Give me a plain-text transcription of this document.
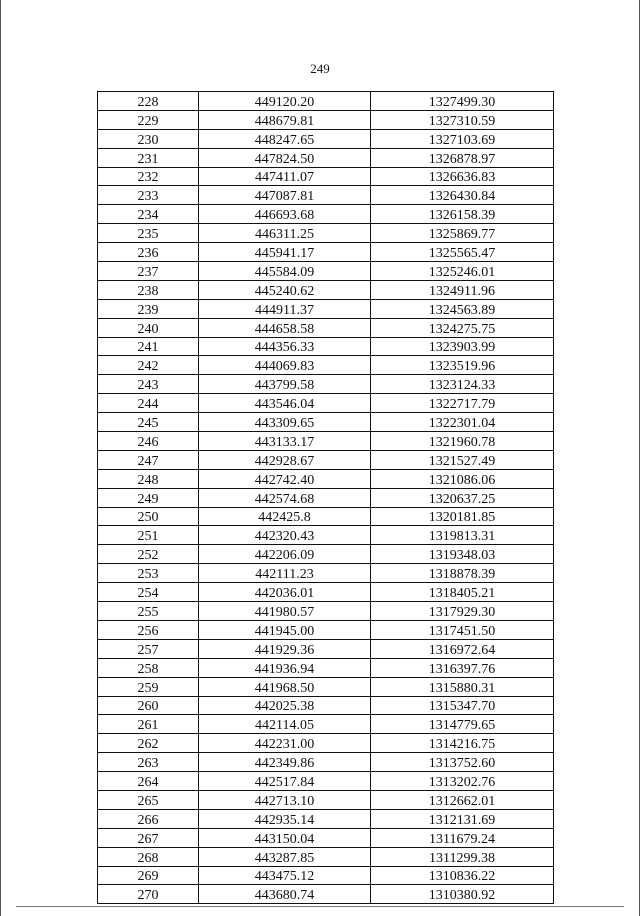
249
228	449120.20	1327499.30
229	448679.81	1327310.59
230	448247.65	1327103.69
231	447824.50	1326878.97
232	447411.07	1326636.83
233	447087.81	1326430.84
234	446693.68	1326158.39
235	446311.25	1325869.77
236	445941.17	1325565.47
237	445584.09	1325246.01
238	445240.62	1324911.96
239	444911.37	1324563.89
240	444658.58	1324275.75
241	444356.33	1323903.99
242	444069.83	1323519.96
243	443799.58	1323124.33
244	443546.04	1322717.79
245	443309.65	1322301.04
246	443133.17	1321960.78
247	442928.67	1321527.49
248	442742.40	1321086.06
249	442574.68	1320637.25
250	442425.8	1320181.85
251	442320.43	1319813.31
252	442206.09	1319348.03
253	442111.23	1318878.39
254	442036.01	1318405.21
255	441980.57	1317929.30
256	441945.00	1317451.50
257	441929.36	1316972.64
258	441936.94	1316397.76
259	441968.50	1315880.31
260	442025.38	1315347.70
261	442114.05	1314779.65
262	442231.00	1314216.75
263	442349.86	1313752.60
264	442517.84	1313202.76
265	442713.10	1312662.01
266	442935.14	1312131.69
267	443150.04	1311679.24
268	443287.85	1311299.38
269	443475.12	1310836.22
270	443680.74	1310380.92
